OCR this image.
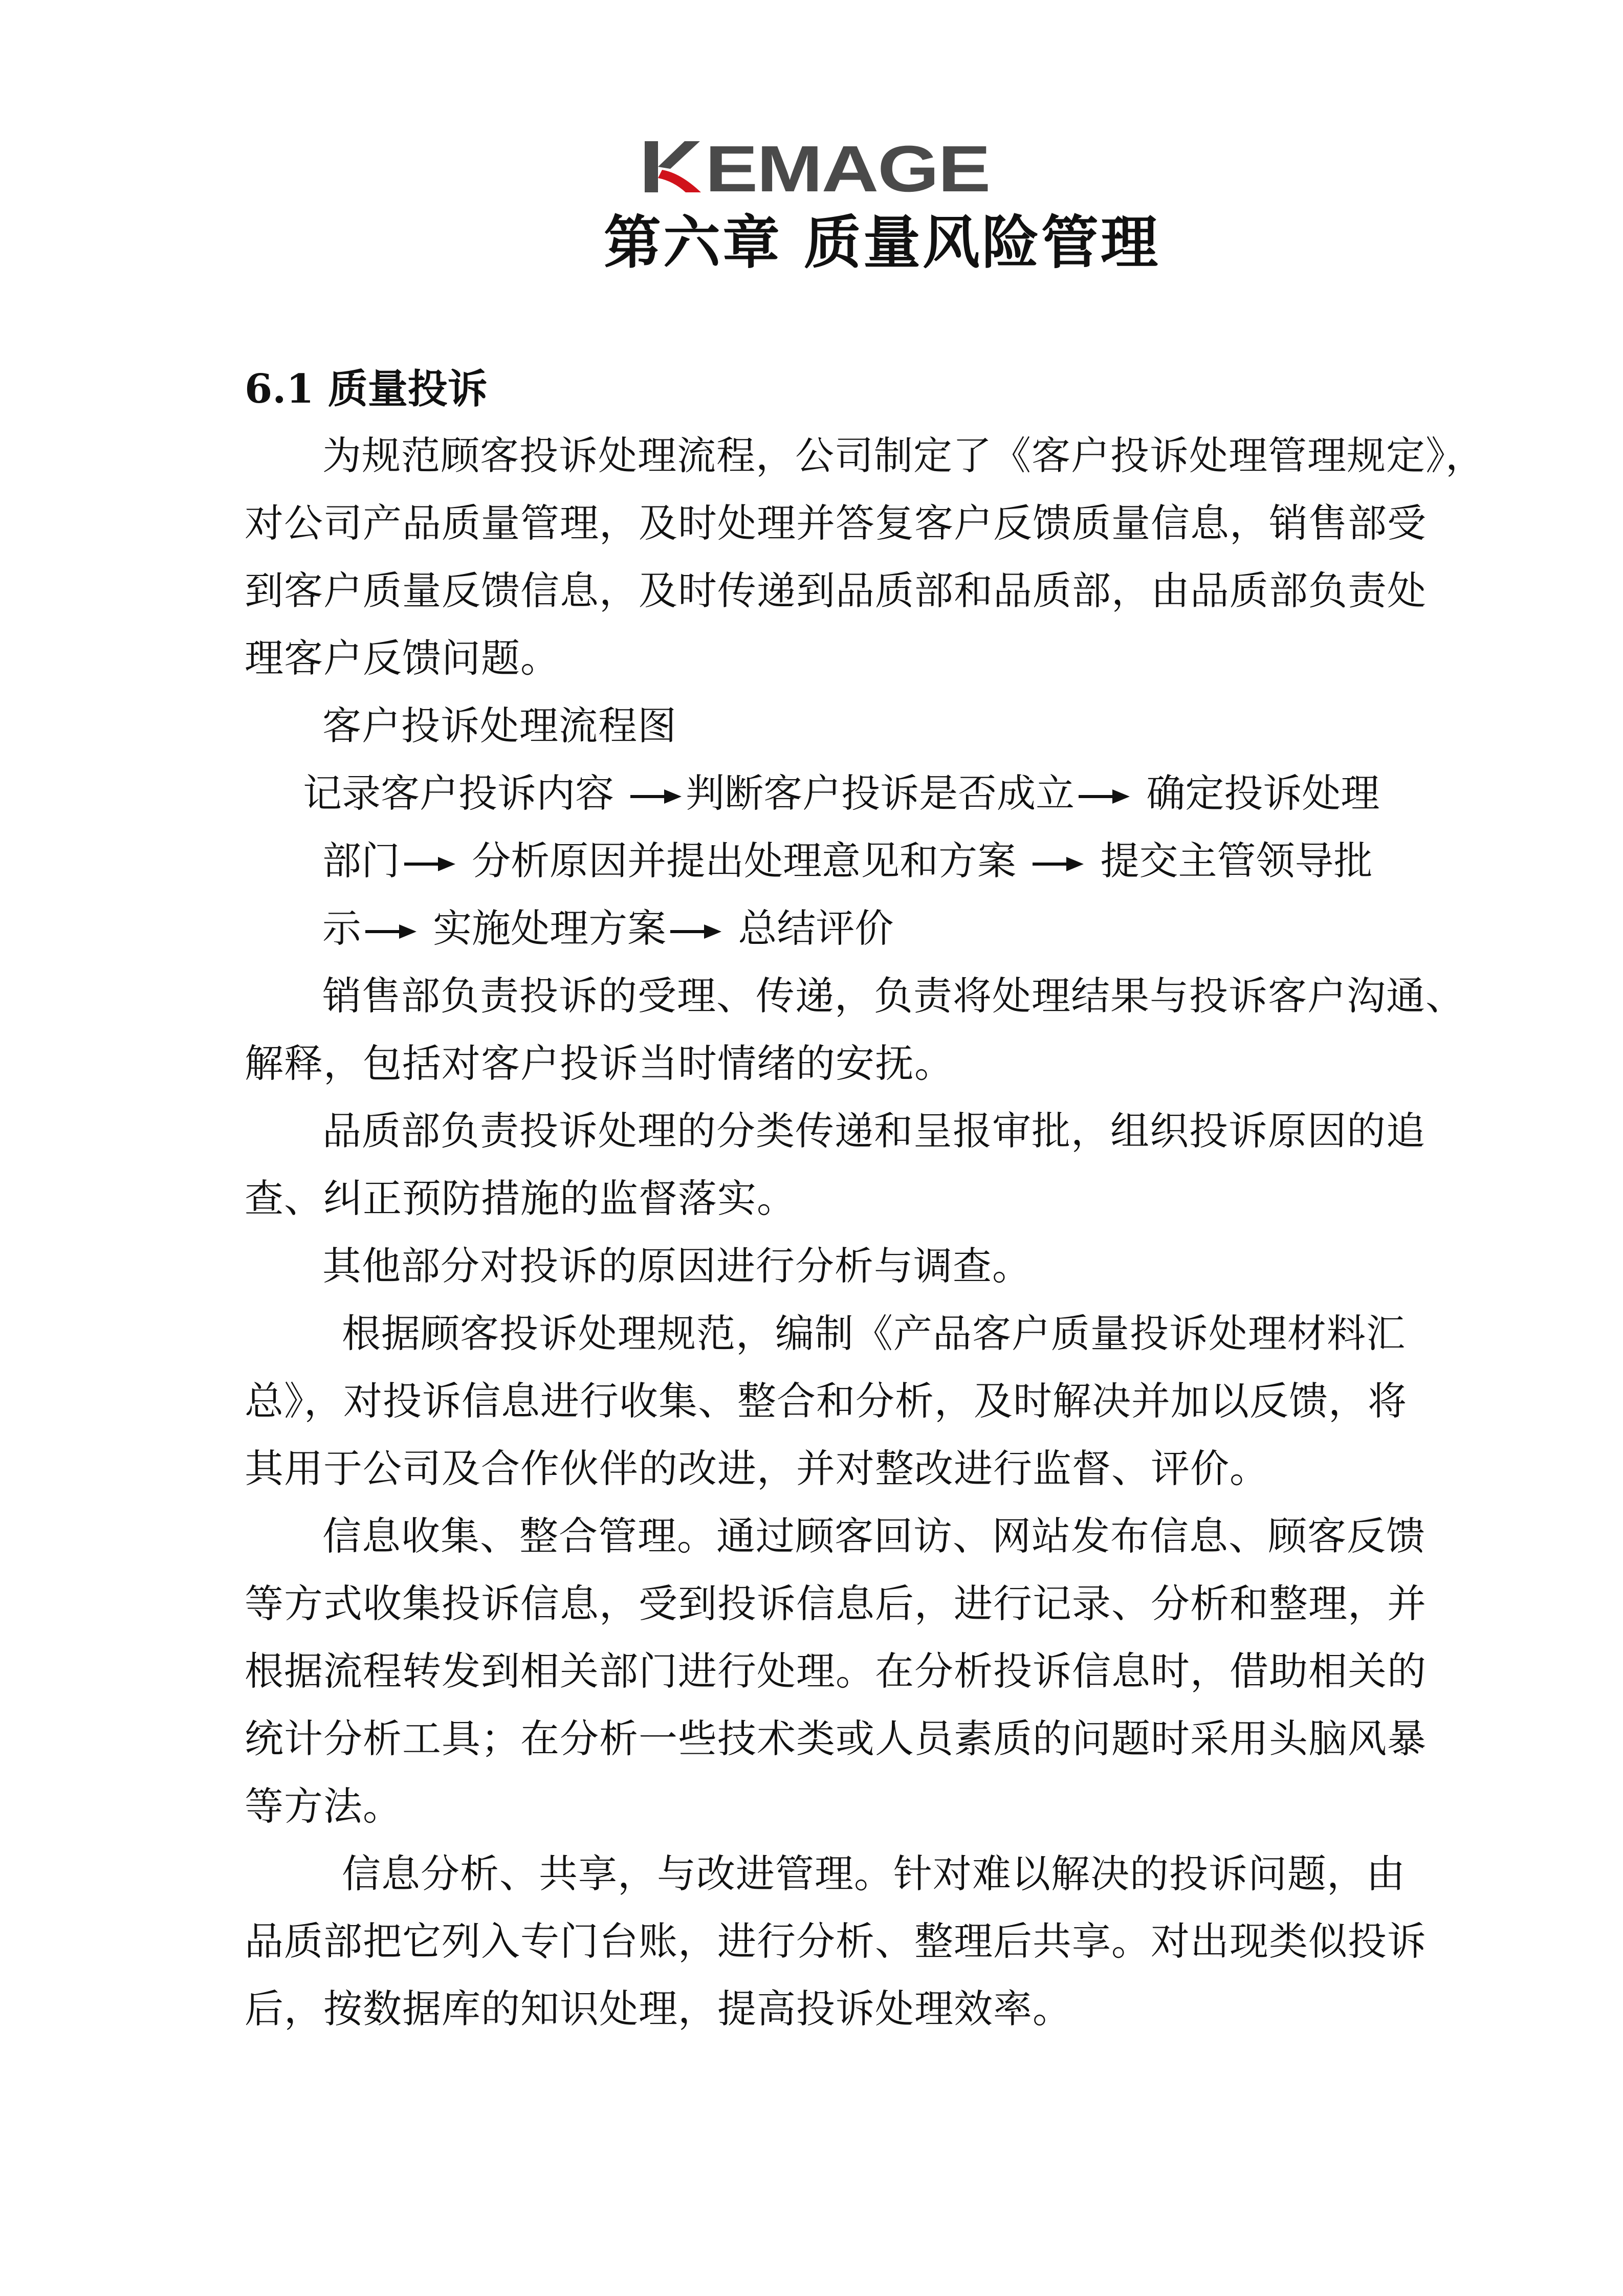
EMAGE
第六章 质量风险管理
6.1 质量投诉
为规范顾客投诉处理流程，公司制定了《客户投诉处理管理规定》，
对公司产品质量管理，及时处理并答复客户反馈质量信息，销售部受
到客户质量反馈信息，及时传递到品质部和品质部，由品质部负责处
理客户反馈问题。
客户投诉处理流程图
记录客户投诉内容 判断客户投诉是否成立 确定投诉处理
部门 分析原因并提出处理意见和方案 提交主管领导批
示 实施处理方案 总结评价
销售部负责投诉的受理、传递，负责将处理结果与投诉客户沟通、
解释，包括对客户投诉当时情绪的安抚。
品质部负责投诉处理的分类传递和呈报审批，组织投诉原因的追
查、纠正预防措施的监督落实。
其他部分对投诉的原因进行分析与调查。
根据顾客投诉处理规范，编制《产品客户质量投诉处理材料汇
总》，对投诉信息进行收集、整合和分析，及时解决并加以反馈，将
其用于公司及合作伙伴的改进，并对整改进行监督、评价。
信息收集、整合管理。通过顾客回访、网站发布信息、顾客反馈
等方式收集投诉信息，受到投诉信息后，进行记录、分析和整理，并
根据流程转发到相关部门进行处理。在分析投诉信息时，借助相关的
统计分析工具；在分析一些技术类或人员素质的问题时采用头脑风暴
等方法。
信息分析、共享，与改进管理。针对难以解决的投诉问题，由
品质部把它列入专门台账，进行分析、整理后共享。对出现类似投诉
后，按数据库的知识处理，提高投诉处理效率。
